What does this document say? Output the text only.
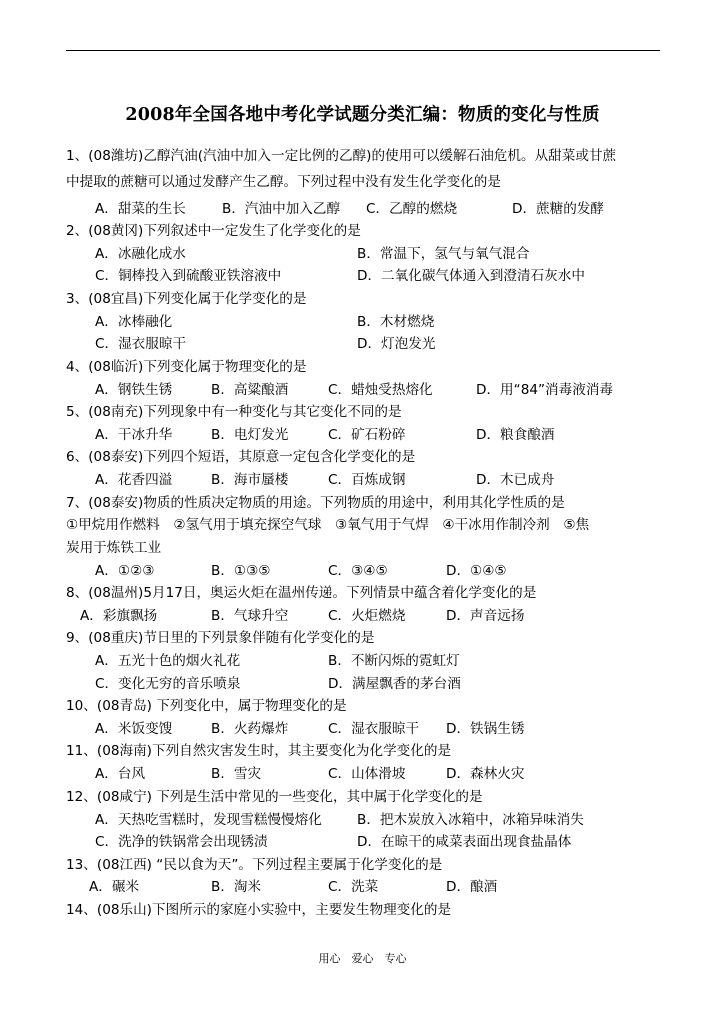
2008年全国各地中考化学试题分类汇编：物质的变化与性质
1、(08潍坊)乙醇汽油(汽油中加入一定比例的乙醇)的使用可以缓解石油危机。从甜菜或甘蔗
中提取的蔗糖可以通过发酵产生乙醇。下列过程中没有发生化学变化的是
A．甜菜的生长	B．汽油中加入乙醇 C．乙醇的燃烧	D．蔗糖的发酵
2、(08黄冈)下列叙述中一定发生了化学变化的是
A．冰融化成水	B．常温下，氢气与氧气混合
C．铜棒投入到硫酸亚铁溶液中	D．二氧化碳气体通入到澄清石灰水中
3、(08宜昌)下列变化属于化学变化的是
A．冰棒融化	B．木材燃烧
C．湿衣服晾干	D．灯泡发光
4、(08临沂)下列变化属于物理变化的是
A．钢铁生锈	B．高粱酿酒	C．蜡烛受热熔化	D．用“84”消毒液消毒
5、(08南充)下列现象中有一种变化与其它变化不同的是
A．干冰升华	B．电灯发光	C．矿石粉碎	D．粮食酿酒
6、(08泰安)下列四个短语，其原意一定包含化学变化的是
A．花香四溢	B．海市蜃楼	C．百炼成钢	D．木已成舟
7、(08泰安)物质的性质决定物质的用途。下列物质的用途中，利用其化学性质的是
①甲烷用作燃料　②氢气用于填充探空气球　③氧气用于气焊　④干冰用作制冷剂　⑤焦
炭用于炼铁工业
A．①②③	B．①③⑤	C．③④⑤	D．①④⑤
8、(08温州)5月17日，奥运火炬在温州传递。下列情景中蕴含着化学变化的是
A．彩旗飘扬	B．气球升空	C．火炬燃烧	D．声音远扬
9、(08重庆)节日里的下列景象伴随有化学变化的是
A．五光十色的烟火礼花	B．不断闪烁的霓虹灯
C．变化无穷的音乐喷泉	D．满屋飘香的茅台酒
10、(08青岛) 下列变化中，属于物理变化的是
A．米饭变馊	B．火药爆炸	C．湿衣服晾干 D．铁锅生锈
11、(08海南)下列自然灾害发生时，其主要变化为化学变化的是
A．台风	B．雪灾	C．山体滑坡	D．森林火灾
12、(08咸宁) 下列是生活中常见的一些变化，其中属于化学变化的是
A．天热吃雪糕时，发现雪糕慢慢熔化	B．把木炭放入冰箱中，冰箱异味消失
C．洗净的铁锅常会出现锈渍	D．在晾干的咸菜表面出现食盐晶体
13、(08江西) “民以食为天”。下列过程主要属于化学变化的是
A．碾米	B．淘米	C．洗菜	D．酿酒
14、(08乐山)下图所示的家庭小实验中，主要发生物理变化的是
用心　爱心　专心
